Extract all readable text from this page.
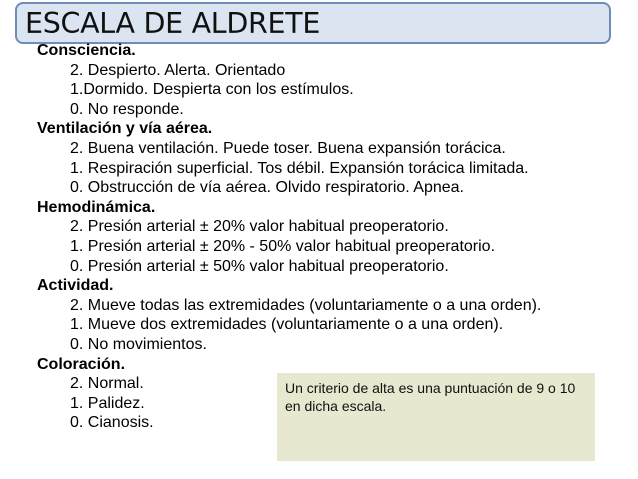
ESCALA DE ALDRETE
Consciencia.
2. Despierto. Alerta. Orientado
1.Dormido. Despierta con los estímulos.
0. No responde.
Ventilación y vía aérea.
2. Buena ventilación. Puede toser. Buena expansión torácica.
1. Respiración superficial. Tos débil. Expansión torácica limitada.
0. Obstrucción de vía aérea. Olvido respiratorio. Apnea.
Hemodinámica.
2. Presión arterial ± 20% valor habitual preoperatorio.
1. Presión arterial ± 20% - 50% valor habitual preoperatorio.
0. Presión arterial ± 50% valor habitual preoperatorio.
Actividad.
2. Mueve todas las extremidades (voluntariamente o a una orden).
1. Mueve dos extremidades (voluntariamente o a una orden).
0. No movimientos.
Coloración.
2. Normal.
1. Palidez.
0. Cianosis.
Un criterio de alta es una puntuación de 9 o 10 en dicha escala.
